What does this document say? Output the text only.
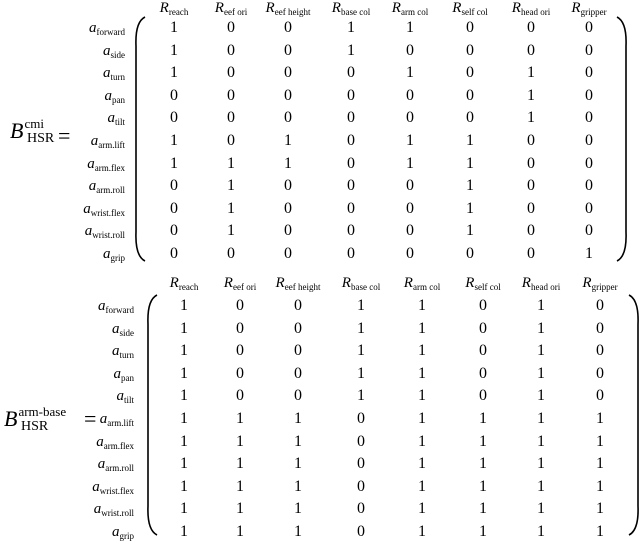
$B^{cmi}$
HSR =
$R_{reach}$ $R_{eef ori}$ $R_{eef height}$ $R_{base col}$ $R_{arm col}$ $R_{self col}$ $R_{head ori}$ $R_{gripper}$
$a_{forward}$	1	0	0	1	1	0	0	0
$a_{side}$	1	0	0	1	0	0	0	0
$a_{turn}$	1	0	0	0	1	0	1	0
$a_{pan}$	0	0	0	0	0	0	1	0
$a_{tilt}$	0	0	0	0	0	0	1	0
$a_{arm.lift}$	1	0	1	0	1	1	0	0
$a_{arm.flex}$	1	1	1	0	1	1	0	0
$a_{arm.roll}$	0	1	0	0	0	1	0	0
$a_{wrist.flex}$	0	1	0	0	0	1	0	0
$a_{wrist.roll}$	0	1	0	0	0	1	0	0
$a_{grip}$	0	0	0	0	0	0	0	1
$B^{arm-base}$
HSR =
$R_{reach}$ $R_{eef ori}$ $R_{eef height}$ $R_{base col}$ $R_{arm col}$ $R_{self col}$ $R_{head ori}$ $R_{gripper}$
$a_{forward}$	1	0	0	1	1	0	1	0
$a_{side}$	1	0	0	1	1	0	1	0
$a_{turn}$	1	0	0	1	1	0	1	0
$a_{pan}$	1	0	0	1	1	0	1	0
$a_{tilt}$	1	0	0	1	1	0	1	0
$a_{arm.lift}$	1	1	1	0	1	1	1	1
$a_{arm.flex}$	1	1	1	0	1	1	1	1
$a_{arm.roll}$	1	1	1	0	1	1	1	1
$a_{wrist.flex}$	1	1	1	0	1	1	1	1
$a_{wrist.roll}$	1	1	1	0	1	1	1	1
$a_{grip}$	1	1	1	0	1	1	1	1
